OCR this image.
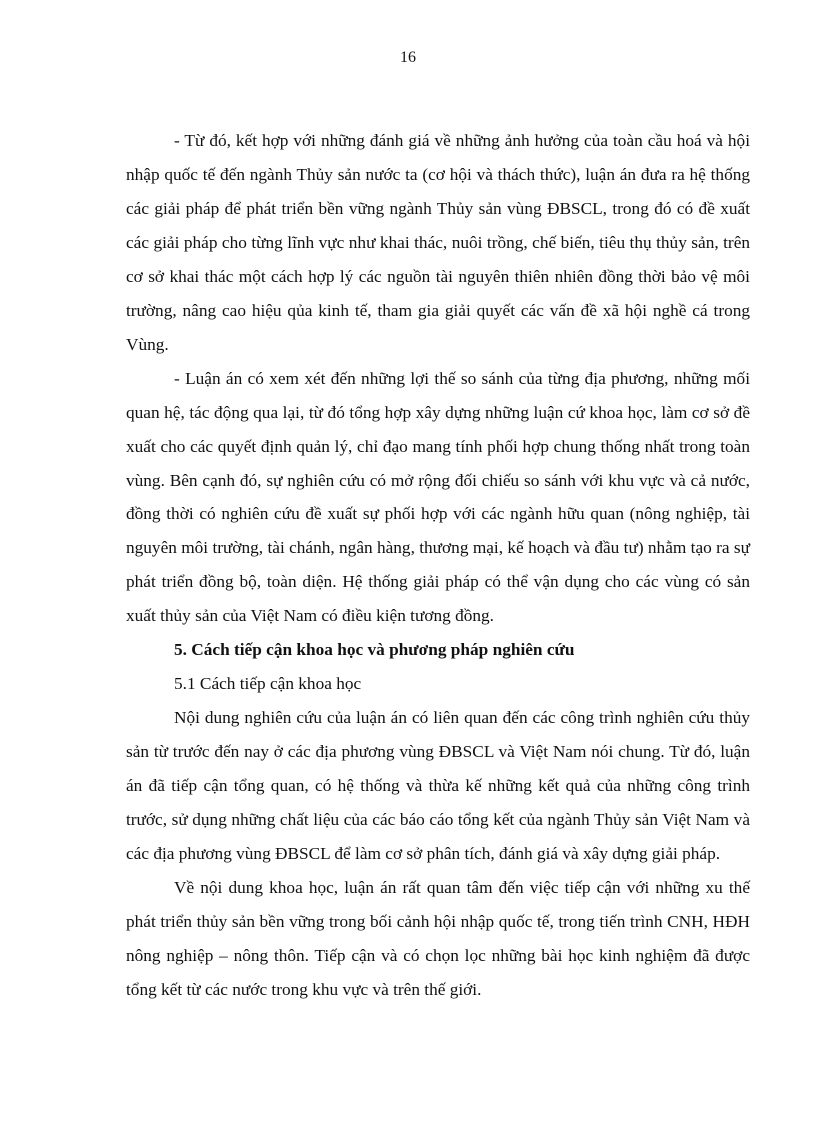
16

- Từ đó, kết hợp với những đánh giá về những ảnh hưởng của toàn cầu hoá và hội nhập quốc tế đến ngành Thủy sản nước ta (cơ hội và thách thức), luận án đưa ra hệ thống các giải pháp để phát triển bền vững ngành Thủy sản vùng ĐBSCL, trong đó có đề xuất các giải pháp cho từng lĩnh vực như khai thác, nuôi trồng, chế biến, tiêu thụ thủy sản, trên cơ sở khai thác một cách hợp lý các nguồn tài nguyên thiên nhiên đồng thời bảo vệ môi trường, nâng cao hiệu qủa kinh tế, tham gia giải quyết các vấn đề xã hội nghề cá trong Vùng.

- Luận án có xem xét đến những lợi thế so sánh của từng địa phương, những mối quan hệ, tác động qua lại, từ đó tổng hợp xây dựng những luận cứ khoa học, làm cơ sở đề xuất cho các quyết định quản lý, chỉ đạo mang tính phối hợp chung thống nhất trong toàn vùng. Bên cạnh đó, sự nghiên cứu có mở rộng đối chiếu so sánh với khu vực và cả nước, đồng thời có nghiên cứu đề xuất sự phối hợp với các ngành hữu quan (nông nghiệp, tài nguyên môi trường, tài chánh, ngân hàng, thương mại, kế hoạch và đầu tư) nhằm tạo ra sự phát triển đồng bộ, toàn diện. Hệ thống giải pháp có thể vận dụng cho các vùng có sản xuất thủy sản của Việt Nam có điều kiện tương đồng.

5. Cách tiếp cận khoa học và phương pháp nghiên cứu

5.1 Cách tiếp cận khoa học

Nội dung nghiên cứu của luận án có liên quan đến các công trình nghiên cứu thủy sản từ trước đến nay ở các địa phương vùng ĐBSCL và Việt Nam nói chung. Từ đó, luận án đã tiếp cận tổng quan, có hệ thống và thừa kế những kết quả của những công trình trước, sử dụng những chất liệu của các báo cáo tổng kết của ngành Thủy sản Việt Nam và các địa phương vùng ĐBSCL để làm cơ sở phân tích, đánh giá và xây dựng giải pháp.

Về nội dung khoa học, luận án rất quan tâm đến việc tiếp cận với những xu thế phát triển thủy sản bền vững trong bối cảnh hội nhập quốc tế, trong tiến trình CNH, HĐH nông nghiệp – nông thôn. Tiếp cận và có chọn lọc những bài học kinh nghiệm đã được tổng kết từ các nước trong khu vực và trên thế giới.
